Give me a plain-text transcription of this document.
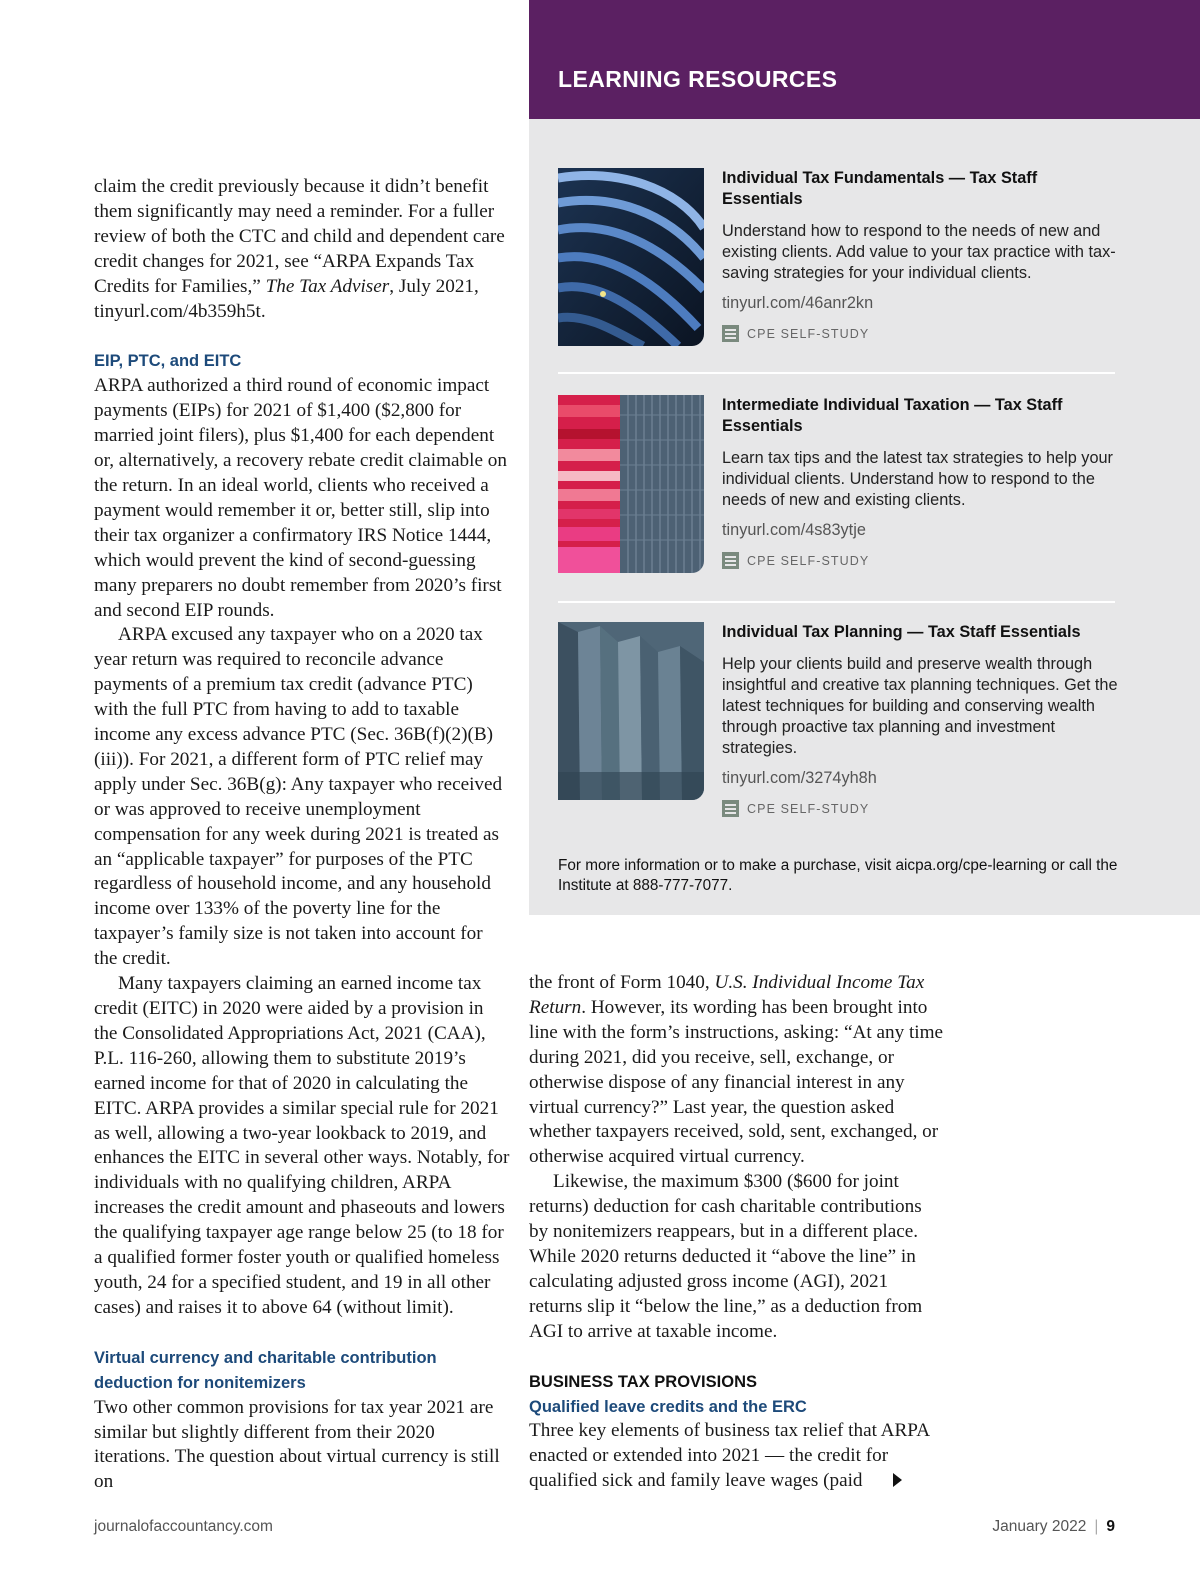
claim the credit previously because it didn’t benefit them significantly may need a reminder. For a fuller review of both the CTC and child and dependent care credit changes for 2021, see “ARPA Expands Tax Credits for Families,” The Tax Adviser, July 2021, tinyurl.com/4b359h5t.

EIP, PTC, and EITC

ARPA authorized a third round of economic impact payments (EIPs) for 2021 of $1,400 ($2,800 for married joint filers), plus $1,400 for each dependent or, alternatively, a recovery rebate credit claimable on the return. In an ideal world, clients who received a payment would remember it or, better still, slip into their tax organizer a confirmatory IRS Notice 1444, which would prevent the kind of second-guessing many preparers no doubt remember from 2020’s first and second EIP rounds.

ARPA excused any taxpayer who on a 2020 tax year return was required to reconcile advance payments of a premium tax credit (advance PTC) with the full PTC from having to add to taxable income any excess advance PTC (Sec. 36B(f)(2)(B)(iii)). For 2021, a different form of PTC relief may apply under Sec. 36B(g): Any taxpayer who received or was approved to receive unemployment compensation for any week during 2021 is treated as an “applicable taxpayer” for purposes of the PTC regardless of household income, and any household income over 133% of the poverty line for the taxpayer’s family size is not taken into account for the credit.

Many taxpayers claiming an earned income tax credit (EITC) in 2020 were aided by a provision in the Consolidated Appropriations Act, 2021 (CAA), P.L. 116-260, allowing them to substitute 2019’s earned income for that of 2020 in calculating the EITC. ARPA provides a similar special rule for 2021 as well, allowing a two-year lookback to 2019, and enhances the EITC in several other ways. Notably, for individuals with no qualifying children, ARPA increases the credit amount and phaseouts and lowers the qualifying taxpayer age range below 25 (to 18 for a qualified former foster youth or qualified homeless youth, 24 for a specified student, and 19 in all other cases) and raises it to above 64 (without limit).

Virtual currency and charitable contribution deduction for nonitemizers

Two other common provisions for tax year 2021 are similar but slightly different from their 2020 iterations. The question about virtual currency is still on

the front of Form 1040, U.S. Individual Income Tax Return. However, its wording has been brought into line with the form’s instructions, asking: “At any time during 2021, did you receive, sell, exchange, or otherwise dispose of any financial interest in any virtual currency?” Last year, the question asked whether taxpayers received, sold, sent, exchanged, or otherwise acquired virtual currency.

Likewise, the maximum $300 ($600 for joint returns) deduction for cash charitable contributions by nonitemizers reappears, but in a different place. While 2020 returns deducted it “above the line” in calculating adjusted gross income (AGI), 2021 returns slip it “below the line,” as a deduction from AGI to arrive at taxable income.

BUSINESS TAX PROVISIONS
Qualified leave credits and the ERC

Three key elements of business tax relief that ARPA enacted or extended into 2021 — the credit for qualified sick and family leave wages (paid

LEARNING RESOURCES
Individual Tax Fundamentals — Tax Staff Essentials
Understand how to respond to the needs of new and existing clients. Add value to your tax practice with tax-saving strategies for your individual clients.
tinyurl.com/46anr2kn
CPE SELF-STUDY
Intermediate Individual Taxation — Tax Staff Essentials
Learn tax tips and the latest tax strategies to help your individual clients. Understand how to respond to the needs of new and existing clients.
tinyurl.com/4s83ytje
CPE SELF-STUDY
Individual Tax Planning — Tax Staff Essentials
Help your clients build and preserve wealth through insightful and creative tax planning techniques. Get the latest techniques for building and conserving wealth through proactive tax planning and investment strategies.
tinyurl.com/3274yh8h
CPE SELF-STUDY
For more information or to make a purchase, visit aicpa.org/cpe-learning or call the Institute at 888-777-7077.
journalofaccountancy.com	January 2022 | 9
